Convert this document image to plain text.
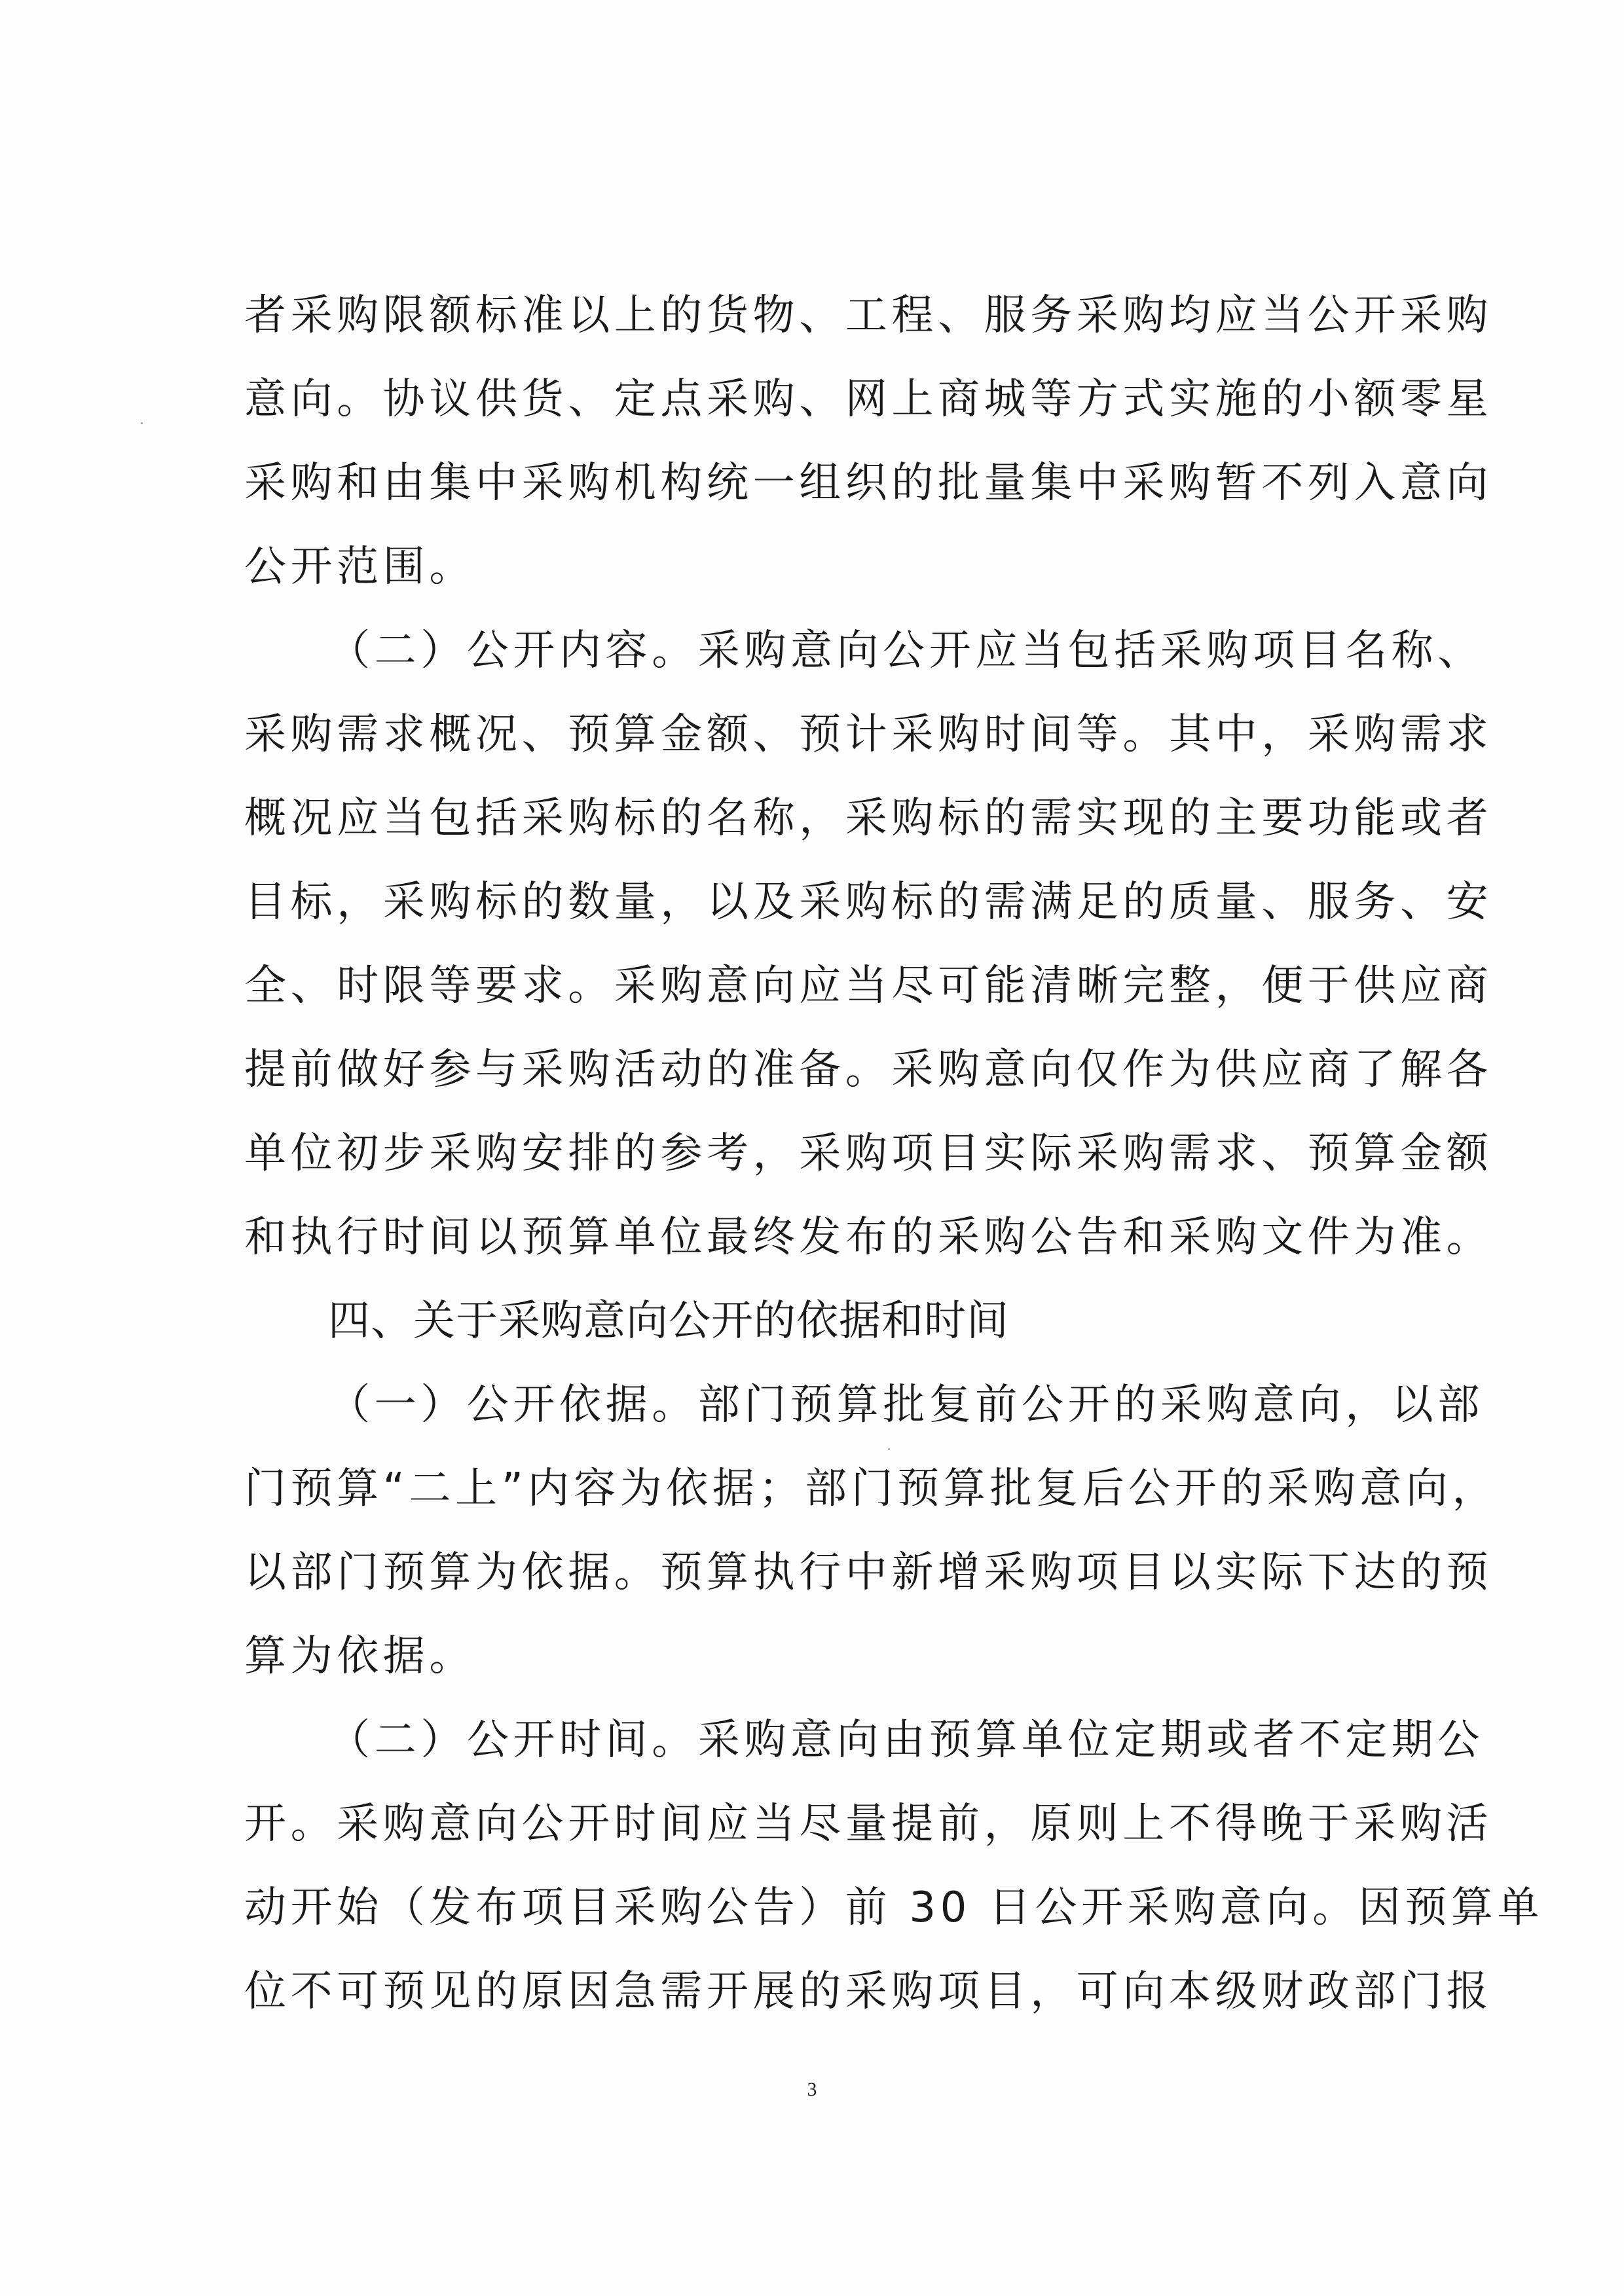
者采购限额标准以上的货物、工程、服务采购均应当公开采购
意向。协议供货、定点采购、网上商城等方式实施的小额零星
采购和由集中采购机构统一组织的批量集中采购暂不列入意向
公开范围。
（二）公开内容。采购意向公开应当包括采购项目名称、
采购需求概况、预算金额、预计采购时间等。其中，采购需求
概况应当包括采购标的名称，采购标的需实现的主要功能或者
目标，采购标的数量，以及采购标的需满足的质量、服务、安
全、时限等要求。采购意向应当尽可能清晰完整，便于供应商
提前做好参与采购活动的准备。采购意向仅作为供应商了解各
单位初步采购安排的参考，采购项目实际采购需求、预算金额
和执行时间以预算单位最终发布的采购公告和采购文件为准。
四、关于采购意向公开的依据和时间
（一）公开依据。部门预算批复前公开的采购意向，以部
门预算“二上”内容为依据；部门预算批复后公开的采购意向，
以部门预算为依据。预算执行中新增采购项目以实际下达的预
算为依据。
（二）公开时间。采购意向由预算单位定期或者不定期公
开。采购意向公开时间应当尽量提前，原则上不得晚于采购活
动开始（发布项目采购公告）前 30 日公开采购意向。因预算单
位不可预见的原因急需开展的采购项目，可向本级财政部门报
3
